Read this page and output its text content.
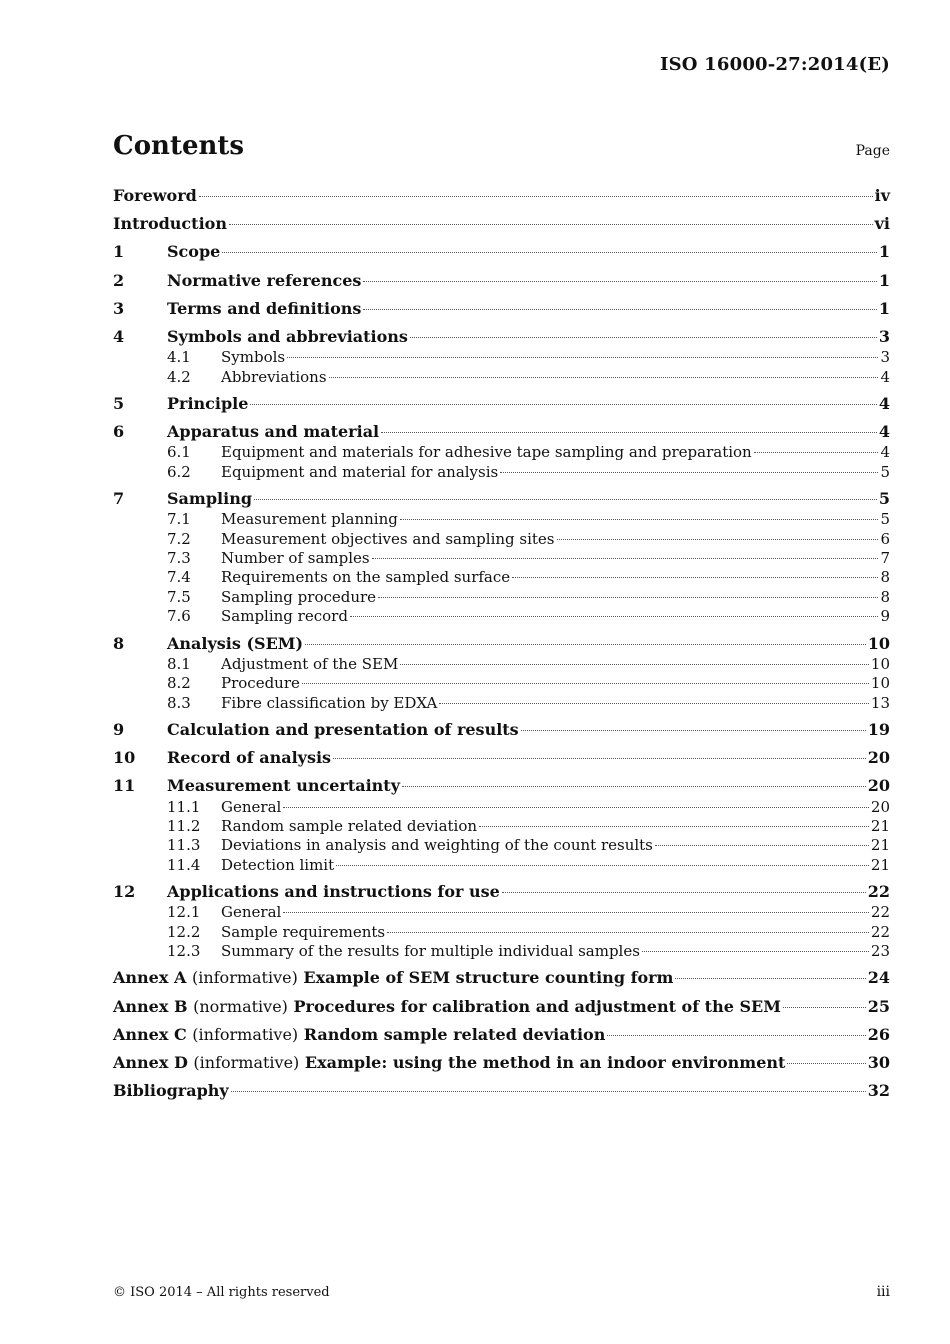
ISO 16000-27:2014(E)
Contents	Page
Foreword	iv
Introduction	vi
1	Scope	1
2	Normative references	1
3	Terms and definitions	1
4	Symbols and abbreviations	3
4.1	Symbols	3
4.2	Abbreviations	4
5	Principle	4
6	Apparatus and material	4
6.1	Equipment and materials for adhesive tape sampling and preparation	4
6.2	Equipment and material for analysis	5
7	Sampling	5
7.1	Measurement planning	5
7.2	Measurement objectives and sampling sites	6
7.3	Number of samples	7
7.4	Requirements on the sampled surface	8
7.5	Sampling procedure	8
7.6	Sampling record	9
8	Analysis (SEM)	10
8.1	Adjustment of the SEM	10
8.2	Procedure	10
8.3	Fibre classification by EDXA	13
9	Calculation and presentation of results	19
10	Record of analysis	20
11	Measurement uncertainty	20
11.1	General	20
11.2	Random sample related deviation	21
11.3	Deviations in analysis and weighting of the count results	21
11.4	Detection limit	21
12	Applications and instructions for use	22
12.1	General	22
12.2	Sample requirements	22
12.3	Summary of the results for multiple individual samples	23
Annex A (informative) Example of SEM structure counting form	24
Annex B (normative) Procedures for calibration and adjustment of the SEM	25
Annex C (informative) Random sample related deviation	26
Annex D (informative) Example: using the method in an indoor environment	30
Bibliography	32
© ISO 2014 – All rights reserved	iii
